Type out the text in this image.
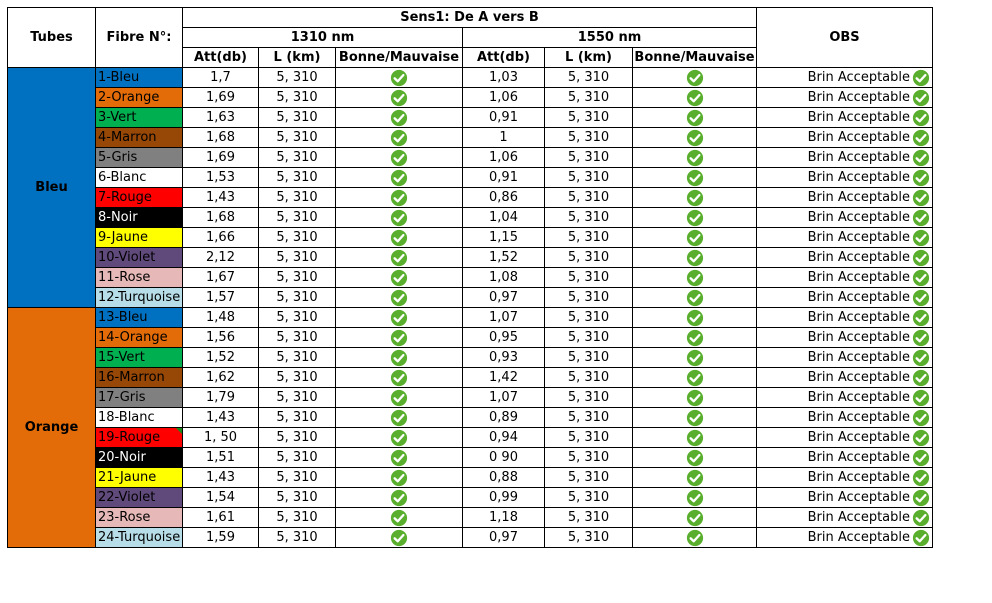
Tubes	Fibre N°:	Sens1: De A vers B						OBS
		1310 nm			1550 nm			
		Att(db)	L (km)	Bonne/Mauvaise	Att(db)	L (km)	Bonne/Mauvaise	
Bleu	1-Bleu	1,7	5, 310		1,03	5, 310		Brin Acceptable

	2-Orange	1,69	5, 310		1,06	5, 310		Brin Acceptable

	3-Vert	1,63	5, 310		0,91	5, 310		Brin Acceptable

	4-Marron	1,68	5, 310		1	5, 310		Brin Acceptable

	5-Gris	1,69	5, 310		1,06	5, 310		Brin Acceptable

	6-Blanc	1,53	5, 310		0,91	5, 310		Brin Acceptable

	7-Rouge	1,43	5, 310		0,86	5, 310		Brin Acceptable

	8-Noir	1,68	5, 310		1,04	5, 310		Brin Acceptable

	9-Jaune	1,66	5, 310		1,15	5, 310		Brin Acceptable

	10-Violet	2,12	5, 310		1,52	5, 310		Brin Acceptable

	11-Rose	1,67	5, 310		1,08	5, 310		Brin Acceptable

	12-Turquoise	1,57	5, 310		0,97	5, 310		Brin Acceptable

Orange	13-Bleu	1,48	5, 310		1,07	5, 310		Brin Acceptable

	14-Orange	1,56	5, 310		0,95	5, 310		Brin Acceptable

	15-Vert	1,52	5, 310		0,93	5, 310		Brin Acceptable

	16-Marron	1,62	5, 310		1,42	5, 310		Brin Acceptable

	17-Gris	1,79	5, 310		1,07	5, 310		Brin Acceptable

	18-Blanc	1,43	5, 310		0,89	5, 310		Brin Acceptable

	19-Rouge	1, 50	5, 310		0,94	5, 310		Brin Acceptable

	20-Noir	1,51	5, 310		0 90	5, 310		Brin Acceptable

	21-Jaune	1,43	5, 310		0,88	5, 310		Brin Acceptable

	22-Violet	1,54	5, 310		0,99	5, 310		Brin Acceptable

	23-Rose	1,61	5, 310		1,18	5, 310		Brin Acceptable

	24-Turquoise	1,59	5, 310		0,97	5, 310		Brin Acceptable
